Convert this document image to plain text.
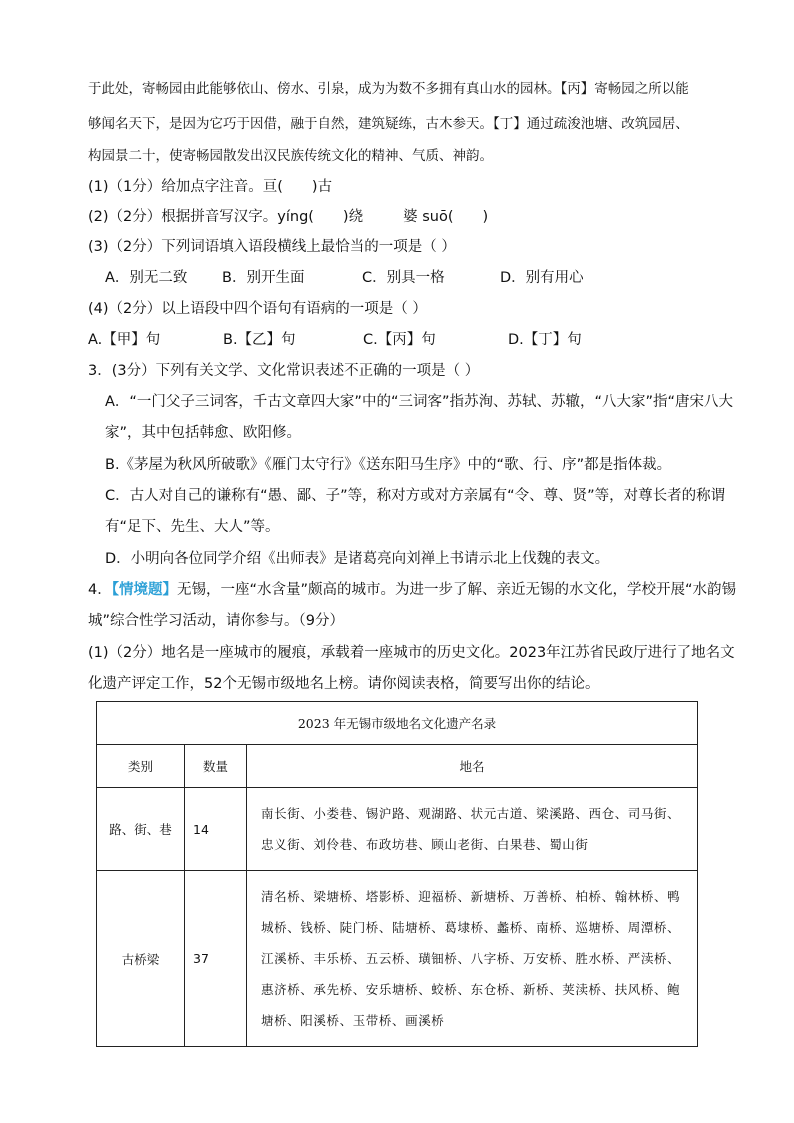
于此处，寄畅园由此能够依山、傍水、引泉，成为为数不多拥有真山水的园林。【丙】寄畅园之所以能
够闻名天下，是因为它巧于因借，融于自然，建筑疑练，古木参天。【丁】通过疏浚池塘、改筑园居、
构园景二十，使寄畅园散发出汉民族传统文化的精神、气质、神韵。
(1)（1分）给加点字注音。亘(　　)古
(2)（2分）根据拼音写汉字。yíng(　　)绕	婆 suō(　　)
(3)（2分）下列词语填入语段横线上最恰当的一项是（ ）
A．别无二致 B．别开生面	C．别具一格	D．别有用心
(4)（2分）以上语段中四个语句有语病的一项是（ ）
A.【甲】句	B.【乙】句	C.【丙】句	D.【丁】句
3．(3分）下列有关文学、文化常识表述不正确的一项是（ ）
A．“一门父子三词客，千古文章四大家”中的“三词客”指苏洵、苏轼、苏辙，“八大家”指“唐宋八大
家”，其中包括韩愈、欧阳修。
B.《茅屋为秋风所破歌》《雁门太守行》《送东阳马生序》中的“歌、行、序”都是指体裁。
C．古人对自己的谦称有“愚、鄙、子”等，称对方或对方亲属有“令、尊、贤”等，对尊长者的称谓
有“足下、先生、大人”等。
D．小明向各位同学介绍《出师表》是诸葛亮向刘禅上书请示北上伐魏的表文。
4．【情境题】无锡，一座“水含量”颇高的城市。为进一步了解、亲近无锡的水文化，学校开展“水韵锡
城”综合性学习活动，请你参与。（9分）
(1)（2分）地名是一座城市的履痕，承载着一座城市的历史文化。2023年江苏省民政厅进行了地名文
化遗产评定工作，52个无锡市级地名上榜。请你阅读表格，简要写出你的结论。
2023 年无锡市级地名文化遗产名录		
类别	数量	地名
路、街、巷	14	南长街、小娄巷、锡沪路、观湖路、状元古道、梁溪路、西仓、司马街、忠义街、刘伶巷、布政坊巷、顾山老街、白果巷、蜀山街
古桥梁	37	清名桥、梁塘桥、塔影桥、迎福桥、新塘桥、万善桥、柏桥、翰林桥、鸭城桥、钱桥、陡门桥、陆塘桥、葛埭桥、蠡桥、南桥、巡塘桥、周潭桥、江溪桥、丰乐桥、五云桥、璜钿桥、八字桥、万安桥、胜水桥、严渎桥、惠济桥、承先桥、安乐塘桥、蛟桥、东仓桥、新桥、荚渎桥、扶风桥、鲍塘桥、阳溪桥、玉带桥、画溪桥
